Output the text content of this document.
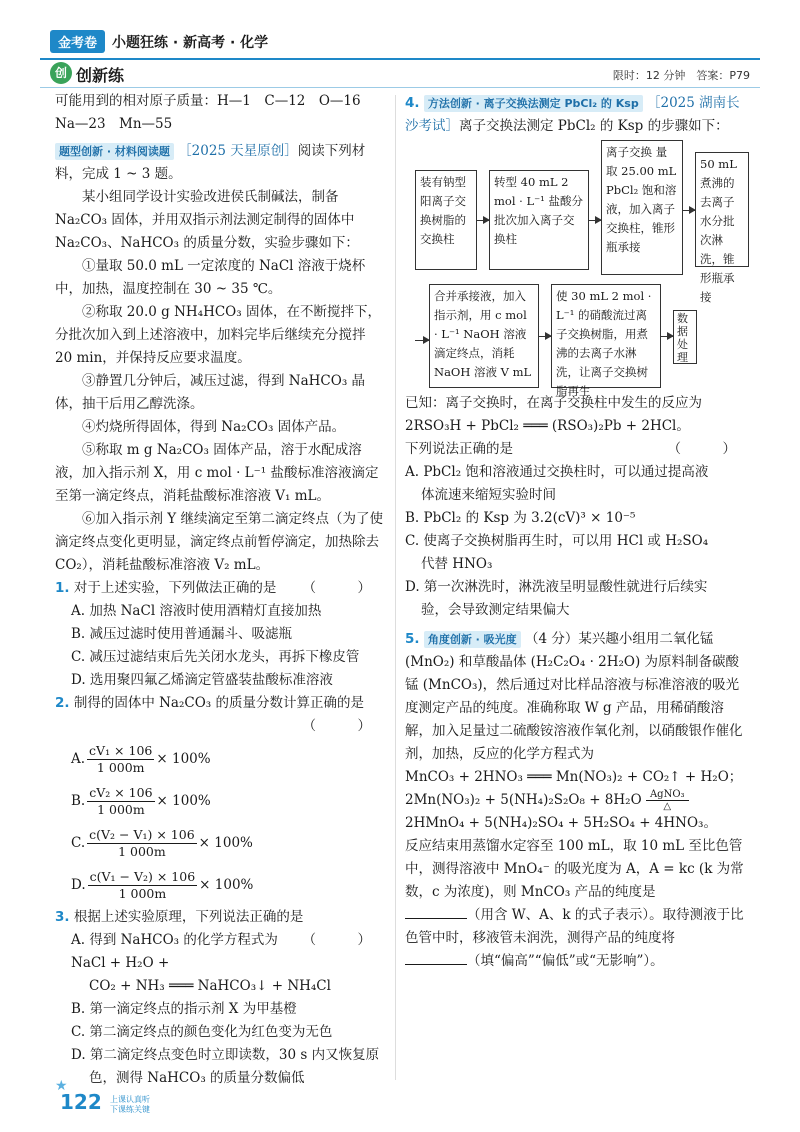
金考卷	小题狂练 · 新高考 · 化学
创 创新练	限时：12 分钟　 答案：P79

可能用到的相对原子质量：H—1　C—12　O—16

Na—23　Mn—55

题型创新 · 材料阅读题 ［2025 天星原创］阅读下列材料，完成 1 ~ 3 题。

某小组同学设计实验改进侯氏制碱法，制备 Na₂CO₃ 固体，并用双指示剂法测定制得的固体中 Na₂CO₃、NaHCO₃ 的质量分数，实验步骤如下：

①量取 50.0 mL 一定浓度的 NaCl 溶液于烧杯中，加热，温度控制在 30 ~ 35 ℃。

②称取 20.0 g NH₄HCO₃ 固体，在不断搅拌下，分批次加入到上述溶液中，加料完毕后继续充分搅拌 20 min，并保持反应要求温度。

③静置几分钟后，减压过滤，得到 NaHCO₃ 晶体，抽干后用乙醇洗涤。

④灼烧所得固体，得到 Na₂CO₃ 固体产品。

⑤称取 m g Na₂CO₃ 固体产品，溶于水配成溶液，加入指示剂 X，用 c mol · L⁻¹ 盐酸标准溶液滴定至第一滴定终点，消耗盐酸标准溶液 V₁ mL。

⑥加入指示剂 Y 继续滴定至第二滴定终点（为了使滴定终点变化更明显，滴定终点前暂停滴定，加热除去 CO₂），消耗盐酸标准溶液 V₂ mL。

1. 对于上述实验，下列做法正确的是 （　）

A. 加热 NaCl 溶液时使用酒精灯直接加热

B. 减压过滤时使用普通漏斗、吸滤瓶

C. 减压过滤结束后先关闭水龙头，再拆下橡皮管

D. 选用聚四氟乙烯滴定管盛装盐酸标准溶液

2. 制得的固体中 Na₂CO₃ 的质量分数计算正确的是

（　）

A. $\frac{\text{cV₁ × 106}}{1 000m} \times 100\%$
B. $\frac{\text{cV₂ × 106}}{1 000m} \times 100\%$
C. $\frac{\text{c(V₂ − V₁) × 106}}{1 000m} \times 100\%$
D. $\frac{\text{c(V₁ − V₂) × 106}}{1 000m} \times 100\%$

3. 根据上述实验原理，下列说法正确的是
（　）

A. 得到 NaHCO₃ 的化学方程式为 NaCl + H₂O +

CO₂ + NH₃ ═══ NaHCO₃↓ + NH₄Cl

B. 第一滴定终点的指示剂 X 为甲基橙

C. 第二滴定终点的颜色变化为红色变为无色

D. 第二滴定终点变色时立即读数，30 s 内又恢复原

色，测得 NaHCO₃ 的质量分数偏低

4. 方法创新 · 离子交换法测定 PbCl₂ 的 Ksp ［2025 湖南长沙考试］离子交换法测定 PbCl₂ 的 Ksp 的步骤如下：

装有钠型阳离子交换树脂的交换柱
转型 40 mL 2 mol · L⁻¹ 盐酸分批次加入离子交换柱
离子交换 量取 25.00 mL PbCl₂ 饱和溶液，加入离子交换柱，锥形瓶承接
50 mL 煮沸的去离子水分批次淋洗，锥形瓶承接
合并承接液，加入指示剂，用 c mol · L⁻¹ NaOH 溶液滴定终点，消耗 NaOH 溶液 V mL
使 30 mL 2 mol · L⁻¹ 的硝酸流过离子交换树脂，用煮沸的去离子水淋洗，让离子交换树脂再生
数据处理

已知：离子交换时，在离子交换柱中发生的反应为

2RSO₃H + PbCl₂ ═══ (RSO₃)₂Pb + 2HCl。

下列说法正确的是	（　）

A. PbCl₂ 饱和溶液通过交换柱时，可以通过提高液

体流速来缩短实验时间

B. PbCl₂ 的 Ksp 为 3.2(cV)³ × 10⁻⁵

C. 使离子交换树脂再生时，可以用 HCl 或 H₂SO₄

代替 HNO₃

D. 第一次淋洗时，淋洗液呈明显酸性就进行后续实

验，会导致测定结果偏大

5. 角度创新 · 吸光度 （4 分）某兴趣小组用二氧化锰 (MnO₂) 和草酸晶体 (H₂C₂O₄ · 2H₂O) 为原料制备碳酸锰 (MnCO₃)，然后通过对比样品溶液与标准溶液的吸光度测定产品的纯度。准确称取 W g 产品，用稀硝酸溶解，加入足量过二硫酸铵溶液作氧化剂，以硝酸银作催化剂，加热，反应的化学方程式为

MnCO₃ + 2HNO₃ ═══ Mn(NO₃)₂ + CO₂↑ + H₂O；

2Mn(NO₃)₂ + 5(NH₄)₂S₂O₈ + 8H₂O AgNO₃
△

2HMnO₄ + 5(NH₄)₂SO₄ + 5H₂SO₄ + 4HNO₃。

反应结束用蒸馏水定容至 100 mL，取 10 mL 至比色管中，测得溶液中 MnO₄⁻ 的吸光度为 A，A = kc (k 为常数，c 为浓度)，则 MnCO₃ 产品的纯度是

（用含 W、A、k 的式子表示）。取待测液于比色管中时，移液管未润洗，测得产品的纯度将

（填“偏高”“偏低”或“无影响”）。

★
122 上课认真听 下课练关键
